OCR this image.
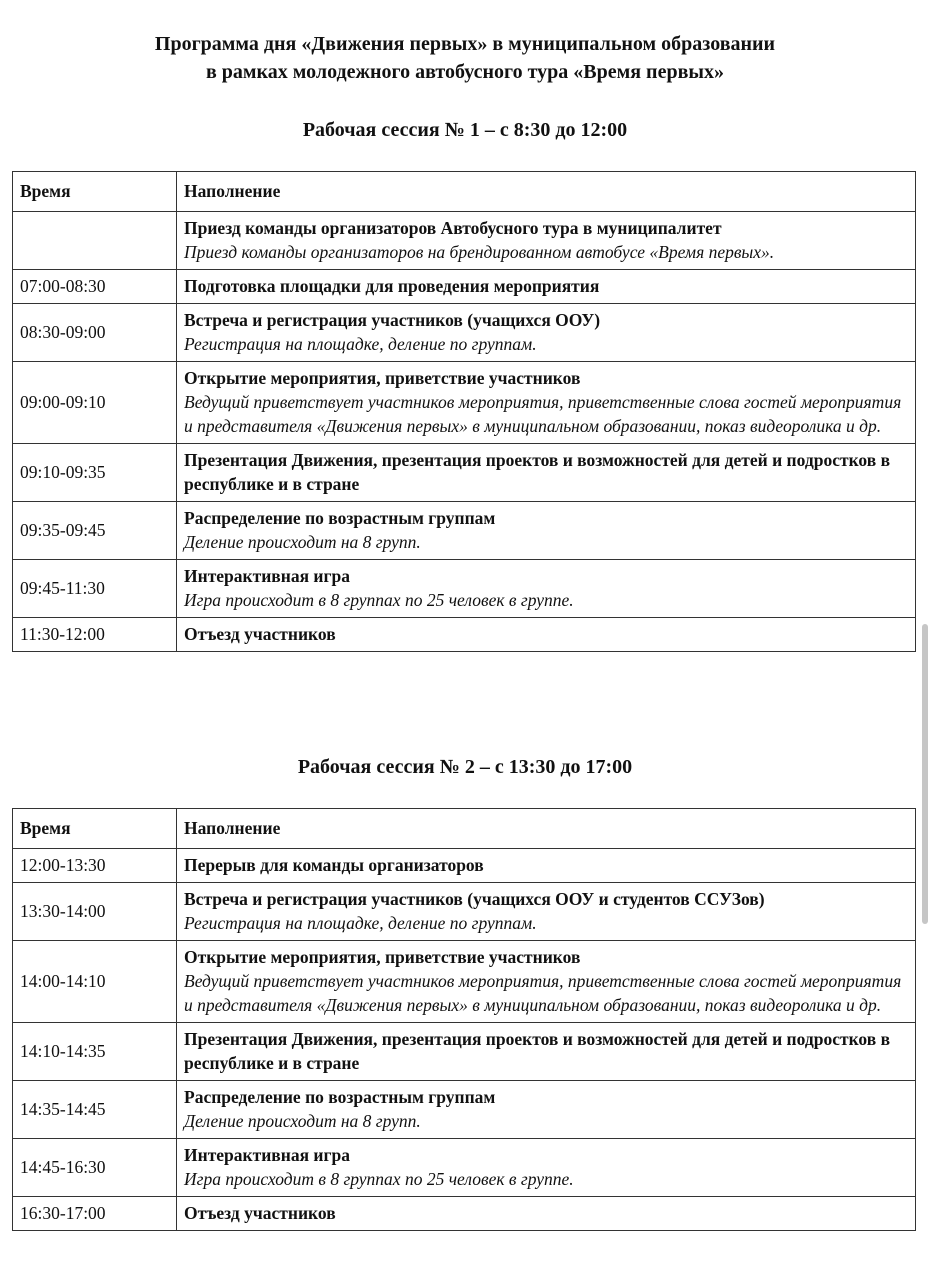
Программа дня «Движения первых» в муниципальном образовании
в рамках молодежного автобусного тура «Время первых»
Рабочая сессия № 1 – с 8:30 до 12:00
Время	Наполнение

	Приезд команды организаторов Автобусного тура в муниципалитет
Приезд команды организаторов на брендированном автобусе «Время первых».

07:00-08:30	Подготовка площадки для проведения мероприятия

08:30-09:00	Встреча и регистрация участников (учащихся ООУ)
Регистрация на площадке, деление по группам.

09:00-09:10	Открытие мероприятия, приветствие участников
Ведущий приветствует участников мероприятия, приветственные слова гостей мероприятия и представителя «Движения первых» в муниципальном образовании, показ видеоролика и др.

09:10-09:35	Презентация Движения, презентация проектов и возможностей для детей и подростков в республике и в стране

09:35-09:45	Распределение по возрастным группам
Деление происходит на 8 групп.

09:45-11:30	Интерактивная игра
Игра происходит в 8 группах по 25 человек в группе.

11:30-12:00	Отъезд участников
Рабочая сессия № 2 – с 13:30 до 17:00
Время	Наполнение
12:00-13:30	Перерыв для команды организаторов

13:30-14:00	Встреча и регистрация участников (учащихся ООУ и студентов ССУЗов)
Регистрация на площадке, деление по группам.

14:00-14:10	Открытие мероприятия, приветствие участников
Ведущий приветствует участников мероприятия, приветственные слова гостей мероприятия и представителя «Движения первых» в муниципальном образовании, показ видеоролика и др.

14:10-14:35	Презентация Движения, презентация проектов и возможностей для детей и подростков в республике и в стране

14:35-14:45	Распределение по возрастным группам
Деление происходит на 8 групп.

14:45-16:30	Интерактивная игра
Игра происходит в 8 группах по 25 человек в группе.

16:30-17:00	Отъезд участников
